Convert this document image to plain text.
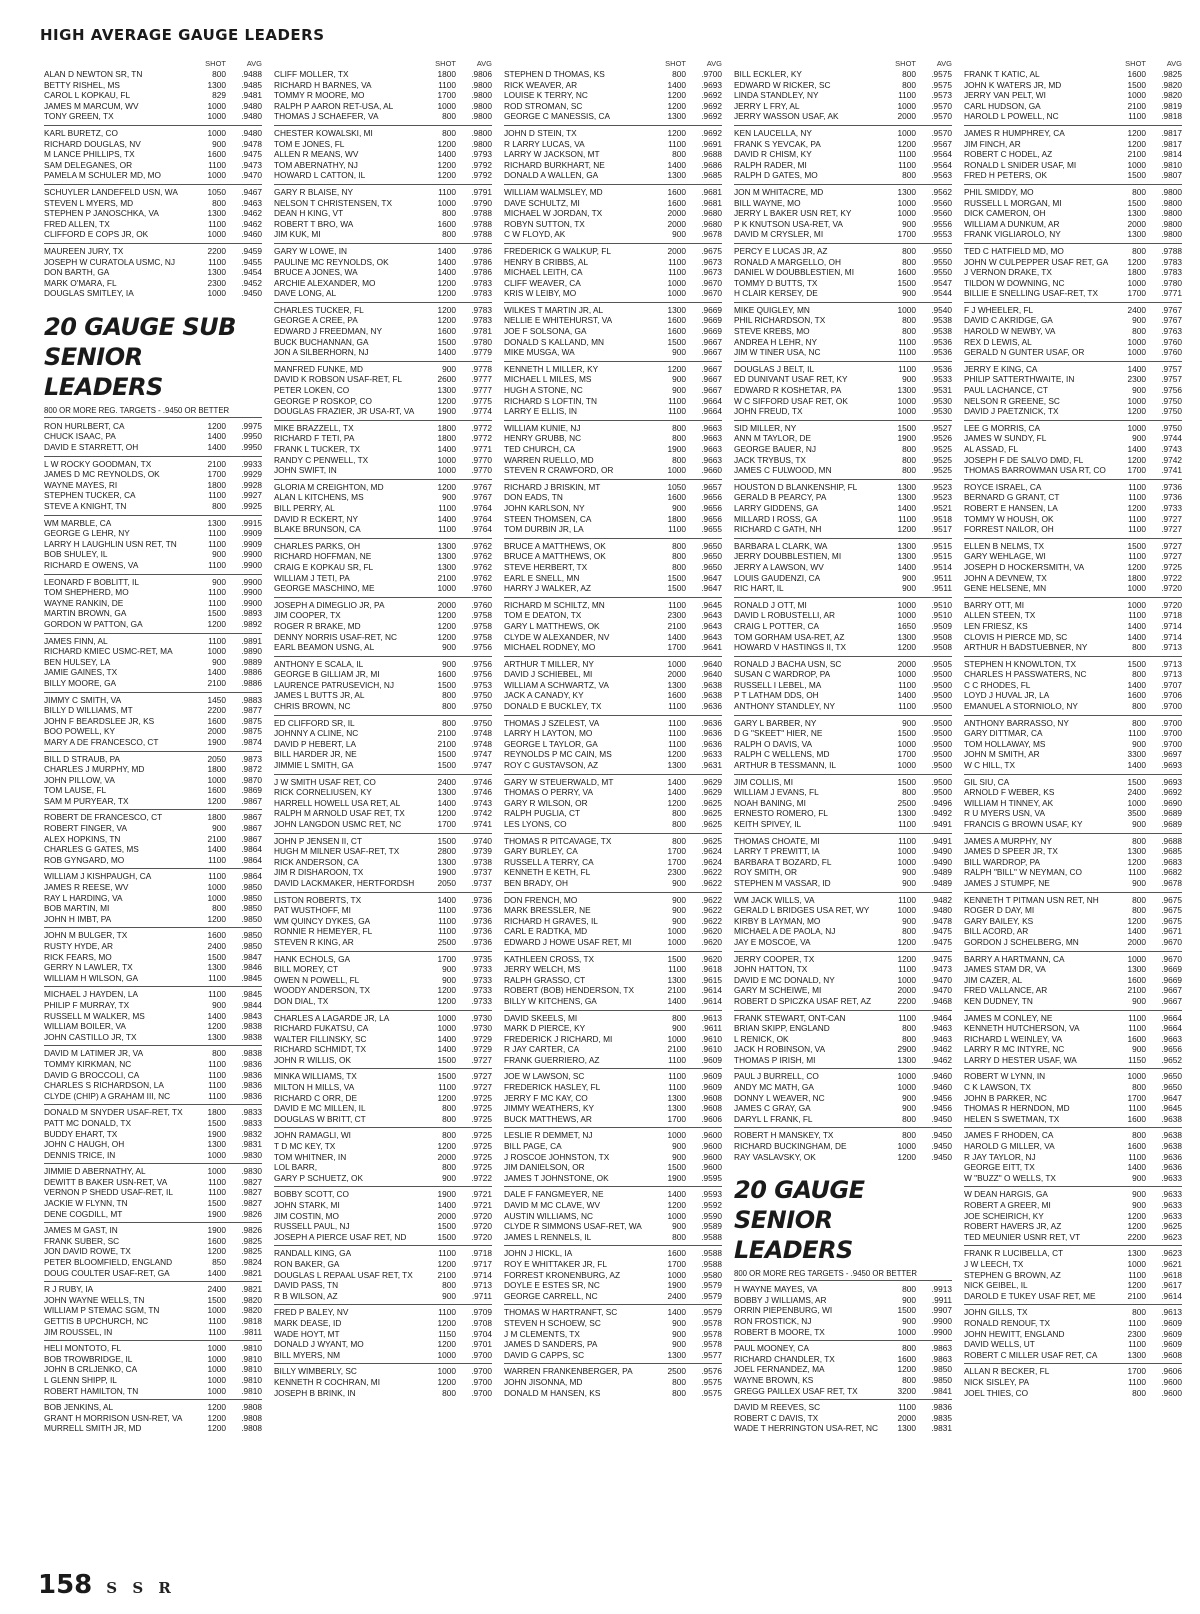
HIGH AVERAGE GAUGE LEADERS
SHOT	AVG
ALAN D NEWTON SR, TN	800	.9488
BETTY RISHEL, MS	1300	.9485
CAROL L KOPKAU, FL	829	.9481
JAMES M MARCUM, WV	1000	.9480
TONY GREEN, TX	1000	.9480
KARL BURETZ, CO	1000	.9480
RICHARD DOUGLAS, NV	900	.9478
M LANCE PHILLIPS, TX	1600	.9475
SAM DELEGANES, OR	1100	.9473
PAMELA M SCHULER MD, MO	1000	.9470
SCHUYLER LANDEFELD USN, WA	1050	.9467
STEVEN L MYERS, MD	800	.9463
STEPHEN P JANOSCHKA, VA	1300	.9462
FRED ALLEN, TX	1100	.9462
CLIFFORD E COPS JR, OK	1000	.9460
MAUREEN JURY, TX	2200	.9459
JOSEPH W CURATOLA USMC, NJ	1100	.9455
DON BARTH, GA	1300	.9454
MARK O'MARA, FL	2300	.9452
DOUGLAS SMITLEY, IA	1000	.9450
20 GAUGE SUB
SENIOR LEADERS
800 OR MORE REG. TARGETS - .9450 OR BETTER
RON HURLBERT, CA	1200	.9975
CHUCK ISAAC, PA	1400	.9950
DAVID E STARRETT, OH	1400	.9950
L W ROCKY GOODMAN, TX	2100	.9933
JAMES D MC REYNOLDS, OK	1700	.9929
WAYNE MAYES, RI	1800	.9928
STEPHEN TUCKER, CA	1100	.9927
STEVE A KNIGHT, TN	800	.9925
WM MARBLE, CA	1300	.9915
GEORGE G LEHR, NY	1100	.9909
LARRY H LAUGHLIN USN RET, TN	1100	.9909
BOB SHULEY, IL	900	.9900
RICHARD E OWENS, VA	1100	.9900
LEONARD F BOBLITT, IL	900	.9900
TOM SHEPHERD, MO	1100	.9900
WAYNE RANKIN, DE	1100	.9900
MARTIN BROWN, GA	1500	.9893
GORDON W PATTON, GA	1200	.9892
JAMES FINN, AL	1100	.9891
RICHARD KMIEC USMC-RET, MA	1000	.9890
BEN HULSEY, LA	900	.9889
JAMIE GAINES, TX	1400	.9886
BILLY MOORE, GA	2100	.9886
JIMMY C SMITH, VA	1450	.9883
BILLY D WILLIAMS, MT	2200	.9877
JOHN F BEARDSLEE JR, KS	1600	.9875
BOO POWELL, KY	2000	.9875
MARY A DE FRANCESCO, CT	1900	.9874
BILL D STRAUB, PA	2050	.9873
CHARLES J MURPHY, MD	1800	.9872
JOHN PILLOW, VA	1000	.9870
TOM LAUSE, FL	1600	.9869
SAM M PURYEAR, TX	1200	.9867
ROBERT DE FRANCESCO, CT	1800	.9867
ROBERT FINGER, VA	900	.9867
ALEX HOPKINS, TN	2100	.9867
CHARLES G GATES, MS	1400	.9864
ROB GYNGARD, MO	1100	.9864
WILLIAM J KISHPAUGH, CA	1100	.9864
JAMES R REESE, WV	1000	.9850
RAY L HARDING, VA	1000	.9850
BOB MARTIN, MI	800	.9850
JOHN H IMBT, PA	1200	.9850
JOHN M BULGER, TX	1600	.9850
RUSTY HYDE, AR	2400	.9850
RICK FEARS, MO	1500	.9847
GERRY N LAWLER, TX	1300	.9846
WILLIAM H WILSON, GA	1100	.9845
MICHAEL J HAYDEN, LA	1100	.9845
PHILIP F MURRAY, TX	900	.9844
RUSSELL M WALKER, MS	1400	.9843
WILLIAM BOILER, VA	1200	.9838
JOHN CASTILLO JR, TX	1300	.9838
DAVID M LATIMER JR, VA	800	.9838
TOMMY KIRKMAN, NC	1100	.9836
DAVID G BROCCOLI, CA	1100	.9836
CHARLES S RICHARDSON, LA	1100	.9836
CLYDE (CHIP) A GRAHAM III, NC	1100	.9836
DONALD M SNYDER USAF-RET, TX	1800	.9833
PATT MC DONALD, TX	1500	.9833
BUDDY EHART, TX	1900	.9832
JOHN C HAUGH, OH	1300	.9831
DENNIS TRICE, IN	1000	.9830
JIMMIE D ABERNATHY, AL	1000	.9830
DEWITT B BAKER USN-RET, VA	1100	.9827
VERNON P SHEDD USAF-RET, IL	1100	.9827
JACKIE W FLYNN, TN	1500	.9827
DENE COGDILL, MT	1900	.9826
JAMES M GAST, IN	1900	.9826
FRANK SUBER, SC	1600	.9825
JON DAVID ROWE, TX	1200	.9825
PETER BLOOMFIELD, ENGLAND	850	.9824
DOUG COULTER USAF-RET, GA	1400	.9821
R J RUBY, IA	2400	.9821
JOHN WAYNE WELLS, TN	1500	.9820
WILLIAM P STEMAC SGM, TN	1000	.9820
GETTIS B UPCHURCH, NC	1100	.9818
JIM ROUSSEL, IN	1100	.9811
HELI MONTOTO, FL	1000	.9810
BOB TROWBRIDGE, IL	1000	.9810
JOHN B CRLJENKO, CA	1000	.9810
L GLENN SHIPP, IL	1000	.9810
ROBERT HAMILTON, TN	1000	.9810
BOB JENKINS, AL	1200	.9808
GRANT H MORRISON USN-RET, VA	1200	.9808
MURRELL SMITH JR, MD	1200	.9808
SHOT	AVG
CLIFF MOLLER, TX	1800	.9806
RICHARD H BARNES, VA	1100	.9800
TOMMY R MOORE, MO	1700	.9800
RALPH P AARON RET-USA, AL	1000	.9800
THOMAS J SCHAEFER, VA	800	.9800
CHESTER KOWALSKI, MI	800	.9800
TOM E JONES, FL	1200	.9800
ALLEN R MEANS, WV	1400	.9793
TOM ABERNATHY, NJ	1200	.9792
HOWARD L CATTON, IL	1200	.9792
GARY R BLAISE, NY	1100	.9791
NELSON T CHRISTENSEN, TX	1000	.9790
DEAN H KING, VT	800	.9788
ROBERT T BRO, WA	1600	.9788
JIM KUK, MI	800	.9788
GARY W LOWE, IN	1400	.9786
PAULINE MC REYNOLDS, OK	1400	.9786
BRUCE A JONES, WA	1400	.9786
ARCHIE ALEXANDER, MO	1200	.9783
DAVE LONG, AL	1200	.9783
CHARLES TUCKER, FL	1200	.9783
GEORGE A CREE, PA	1200	.9783
EDWARD J FREEDMAN, NY	1600	.9781
BUCK BUCHANNAN, GA	1500	.9780
JON A SILBERHORN, NJ	1400	.9779
MANFRED FUNKE, MD	900	.9778
DAVID K ROBSON USAF-RET, FL	2600	.9777
PETER LOKEN, CO	1300	.9777
GEORGE P ROSKOP, CO	1200	.9775
DOUGLAS FRAZIER, JR USA-RT, VA	1900	.9774
MIKE BRAZZELL, TX	1800	.9772
RICHARD F TETI, PA	1800	.9772
FRANK L TUCKER, TX	1400	.9771
RANDY C PENWELL, TX	1000	.9770
JOHN SWIFT, IN	1000	.9770
GLORIA M CREIGHTON, MD	1200	.9767
ALAN L KITCHENS, MS	900	.9767
BILL PERRY, AL	1100	.9764
DAVID R ECKERT, NY	1400	.9764
BLAKE BRUNSON, CA	1100	.9764
CHARLES PARKS, OH	1300	.9762
RICHARD HOFFMAN, NE	1300	.9762
CRAIG E KOPKAU SR, FL	1300	.9762
WILLIAM J TETI, PA	2100	.9762
GEORGE MASCHINO, ME	1000	.9760
JOSEPH A DIMEGLIO JR, PA	2000	.9760
JIM COOPER, TX	1200	.9758
ROGER R BRAKE, MD	1200	.9758
DENNY NORRIS USAF-RET, NC	1200	.9758
EARL BEAMON USNG, AL	900	.9756
ANTHONY E SCALA, IL	900	.9756
GEORGE B GILLIAM JR, MI	1600	.9756
LAURENCE PATRUSEVICH, NJ	1500	.9753
JAMES L BUTTS JR, AL	800	.9750
CHRIS BROWN, NC	800	.9750
ED CLIFFORD SR, IL	800	.9750
JOHNNY A CLINE, NC	2100	.9748
DAVID P HEBERT, LA	2100	.9748
BILL HARDER JR, NE	1500	.9747
JIMMIE L SMITH, GA	1500	.9747
J W SMITH USAF RET, CO	2400	.9746
RICK CORNELIUSEN, KY	1300	.9746
HARRELL HOWELL USA RET, AL	1400	.9743
RALPH M ARNOLD USAF RET, TX	1200	.9742
JOHN LANGDON USMC RET, NC	1700	.9741
JOHN P JENSEN II, CT	1500	.9740
HUGH M MILNER USAF-RET, TX	2800	.9739
RICK ANDERSON, CA	1300	.9738
JIM R DISHAROON, TX	1900	.9737
DAVID LACKMAKER, HERTFORDSH	2050	.9737
LISTON ROBERTS, TX	1400	.9736
PAT WUSTHOFF, MI	1100	.9736
WM QUINCY DYKES, GA	1100	.9736
RONNIE R HEMEYER, FL	1100	.9736
STEVEN R KING, AR	2500	.9736
HANK ECHOLS, GA	1700	.9735
BILL MOREY, CT	900	.9733
OWEN N POWELL, FL	900	.9733
WOODY ANDERSON, TX	1200	.9733
DON DIAL, TX	1200	.9733
CHARLES A LAGARDE JR, LA	1000	.9730
RICHARD FUKATSU, CA	1000	.9730
WALTER FILLINSKY, SC	1400	.9729
RICHARD SCHMIDT, TX	1400	.9729
JOHN R WILLIS, OK	1500	.9727
MINKA WILLIAMS, TX	1500	.9727
MILTON H MILLS, VA	1100	.9727
RICHARD C ORR, DE	1200	.9725
DAVID E MC MILLEN, IL	800	.9725
DOUGLAS W BRITT, CT	800	.9725
JOHN RAMAGLI, WI	800	.9725
T D MC KEY, TX	1200	.9725
TOM WHITNER, IN	2000	.9725
LOL BARR,	800	.9725
GARY P SCHUETZ, OK	900	.9722
BOBBY SCOTT, CO	1900	.9721
JOHN STARK, MI	1400	.9721
JIM COSTIN, MO	2000	.9720
RUSSELL PAUL, NJ	1500	.9720
JOSEPH A PIERCE USAF RET, ND	1500	.9720
RANDALL KING, GA	1100	.9718
RON BAKER, GA	1200	.9717
DOUGLAS L REPAAL USAF RET, TX	2100	.9714
DAVID PASS, TN	800	.9713
R B WILSON, AZ	900	.9711
FRED P BALEY, NV	1100	.9709
MARK DEASE, ID	1200	.9708
WADE HOYT, MT	1150	.9704
DONALD J WYANT, MO	1200	.9701
BILL MYERS, NM	1000	.9700
BILLY WIMBERLY, SC	1000	.9700
KENNETH R COCHRAN, MI	1200	.9700
JOSEPH B BRINK, IN	800	.9700
SHOT	AVG
STEPHEN D THOMAS, KS	800	.9700
RICK WEAVER, AR	1400	.9693
LOUISE K TERRY, NC	1200	.9692
ROD STROMAN, SC	1200	.9692
GEORGE C MANESSIS, CA	1300	.9692
JOHN D STEIN, TX	1200	.9692
R LARRY LUCAS, VA	1100	.9691
LARRY W JACKSON, MT	800	.9688
RICHARD BURKHART, NE	1400	.9686
DONALD A WALLEN, GA	1300	.9685
WILLIAM WALMSLEY, MD	1600	.9681
DAVE SCHULTZ, MI	1600	.9681
MICHAEL W JORDAN, TX	2000	.9680
ROBYN SUTTON, TX	2000	.9680
C W FLOYD, AK	900	.9678
FREDERICK G WALKUP, FL	2000	.9675
HENRY B CRIBBS, AL	1100	.9673
MICHAEL LEITH, CA	1100	.9673
CLIFF WEAVER, CA	1000	.9670
KRIS W LEIBY, MO	1000	.9670
WILKES T MARTIN JR, AL	1300	.9669
NELLIE E WHITEHURST, VA	1600	.9669
JOE F SOLSONA, GA	1600	.9669
DONALD S KALLAND, MN	1500	.9667
MIKE MUSGA, WA	900	.9667
KENNETH L MILLER, KY	1200	.9667
MICHAEL L MILES, MS	900	.9667
HUGH A STONE, NC	900	.9667
RICHARD S LOFTIN, TN	1100	.9664
LARRY E ELLIS, IN	1100	.9664
WILLIAM KUNIE, NJ	800	.9663
HENRY GRUBB, NC	800	.9663
TED CHURCH, CA	1900	.9663
WARREN RUELLO, MD	800	.9663
STEVEN R CRAWFORD, OR	1000	.9660
RICHARD J BRISKIN, MT	1050	.9657
DON EADS, TN	1600	.9656
JOHN KARLSON, NY	900	.9656
STEEN THOMSEN, CA	1800	.9656
TOM DURBIN JR, LA	1100	.9655
BRUCE A MATTHEWS, OK	800	.9650
BRUCE A MATTHEWS, OK	800	.9650
STEVE HERBERT, TX	800	.9650
EARL E SNELL, MN	1500	.9647
HARRY J WALKER, AZ	1500	.9647
RICHARD M SCHILTZ, MN	1100	.9645
TOM E DEATON, TX	2300	.9643
GARY L MATTHEWS, OK	2100	.9643
CLYDE W ALEXANDER, NV	1400	.9643
MICHAEL RODNEY, MO	1700	.9641
ARTHUR T MILLER, NY	1000	.9640
DAVID J SCHIEBEL, MI	2000	.9640
WILLIAM A SCHWARTZ, VA	1300	.9638
JACK A CANADY, KY	1600	.9638
DONALD E BUCKLEY, TX	1100	.9636
THOMAS J SZELEST, VA	1100	.9636
LARRY H LAYTON, MO	1100	.9636
GEORGE L TAYLOR, GA	1100	.9636
REYNOLDS P MC CAIN, MS	1200	.9633
ROY C GUSTAVSON, AZ	1300	.9631
GARY W STEUERWALD, MT	1400	.9629
THOMAS O PERRY, VA	1400	.9629
GARY R WILSON, OR	1200	.9625
RALPH PUGLIA, CT	800	.9625
LES LYONS, CO	800	.9625
THOMAS R PITCAVAGE, TX	800	.9625
GARY BURLEY, CA	1700	.9624
RUSSELL A TERRY, CA	1700	.9624
KENNETH E KETH, FL	2300	.9622
BEN BRADY, OH	900	.9622
DON FRENCH, MO	900	.9622
MARK BRESSLER, NE	900	.9622
RICHARD H GRAVES, IL	900	.9622
CARL E RADTKA, MD	1000	.9620
EDWARD J HOWE USAF RET, MI	1000	.9620
KATHLEEN CROSS, TX	1500	.9620
JERRY WELCH, MS	1100	.9618
RALPH GRASSO, CT	1300	.9615
ROBERT (BOB) HENDERSON, TX	2100	.9614
BILLY W KITCHENS, GA	1400	.9614
DAVID SKEELS, MI	800	.9613
MARK D PIERCE, KY	900	.9611
FREDERICK J RICHARD, MI	1000	.9610
R JAY CARTER, CA	2100	.9610
FRANK GUERRIERO, AZ	1100	.9609
JOE W LAWSON, SC	1100	.9609
FREDERICK HASLEY, FL	1100	.9609
JERRY F MC KAY, CO	1300	.9608
JIMMY WEATHERS, KY	1300	.9608
BUCK MATTHEWS, AR	1700	.9606
LESLIE R DEMMET, NJ	1000	.9600
BILL PAGE, CA	900	.9600
J ROSCOE JOHNSTON, TX	900	.9600
JIM DANIELSON, OR	1500	.9600
JAMES T JOHNSTONE, OK	1900	.9595
DALE F FANGMEYER, NE	1400	.9593
DAVID M MC CLAVE, WV	1200	.9592
AUSTIN WILLIAMS, NC	1000	.9590
CLYDE R SIMMONS USAF-RET, WA	900	.9589
JAMES L RENNELS, IL	800	.9588
JOHN J HICKL, IA	1600	.9588
ROY E WHITTAKER JR, FL	1700	.9588
FORREST KRONENBURG, AZ	1000	.9580
DOYLE E ESTES SR, NC	1900	.9579
GEORGE CARRELL, NC	2400	.9579
THOMAS W HARTRANFT, SC	1400	.9579
STEVEN H SCHOEW, SC	900	.9578
J M CLEMENTS, TX	900	.9578
JAMES D SANDERS, PA	900	.9578
DAVID G CAPPS, SC	1300	.9577
WARREN FRANKENBERGER, PA	2500	.9576
JOHN JISONNA, MD	800	.9575
DONALD M HANSEN, KS	800	.9575
SHOT	AVG
BILL ECKLER, KY	800	.9575
EDWARD W RICKER, SC	800	.9575
LINDA STANDLEY, NY	1100	.9573
JERRY L FRY, AL	1000	.9570
JERRY WASSON USAF, AK	2000	.9570
KEN LAUCELLA, NY	1000	.9570
FRANK S YEVCAK, PA	1200	.9567
DAVID R CHISM, KY	1100	.9564
RALPH RADER, MI	1100	.9564
RALPH D GATES, MO	800	.9563
JON M WHITACRE, MD	1300	.9562
BILL WAYNE, MO	1000	.9560
JERRY L BAKER USN RET, KY	1000	.9560
P K KNUTSON USA-RET, VA	900	.9556
DAVID M CRYSLER, MI	1700	.9553
PERCY E LUCAS JR, AZ	800	.9550
RONALD A MARGELLO, OH	800	.9550
DANIEL W DOUBBLESTIEN, MI	1600	.9550
TOMMY D BUTTS, TX	1500	.9547
H CLAIR KERSEY, DE	900	.9544
MIKE QUIGLEY, MN	1000	.9540
PHIL RICHARDSON, TX	800	.9538
STEVE KREBS, MO	800	.9538
ANDREA H LEHR, NY	1100	.9536
JIM W TINER USA, NC	1100	.9536
DOUGLAS J BELT, IL	1100	.9536
ED DUNIVANT USAF RET, KY	900	.9533
EDWARD R KOSHETAR, PA	1300	.9531
W C SIFFORD USAF RET, OK	1000	.9530
JOHN FREUD, TX	1000	.9530
SID MILLER, NY	1500	.9527
ANN M TAYLOR, DE	1900	.9526
GEORGE BAUER, NJ	800	.9525
JACK TRYBUS, TX	800	.9525
JAMES C FULWOOD, MN	800	.9525
HOUSTON D BLANKENSHIP, FL	1300	.9523
GERALD B PEARCY, PA	1300	.9523
LARRY GIDDENS, GA	1400	.9521
MILLARD I ROSS, GA	1100	.9518
RICHARD C GATH, NH	1200	.9517
BARBARA L CLARK, WA	1300	.9515
JERRY DOUBBLESTIEN, MI	1300	.9515
JERRY A LAWSON, WV	1400	.9514
LOUIS GAUDENZI, CA	900	.9511
RIC HART, IL	900	.9511
RONALD J OTT, MI	1000	.9510
DAVID L ROBUSTELLI, AR	1000	.9510
CRAIG L POTTER, CA	1650	.9509
TOM GORHAM USA-RET, AZ	1300	.9508
HOWARD V HASTINGS II, TX	1200	.9508
RONALD J BACHA USN, SC	2000	.9505
SUSAN C WARDROP, PA	1000	.9500
RUSSELL I LEBEL, MA	1100	.9500
P T LATHAM DDS, OH	1400	.9500
ANTHONY STANDLEY, NY	1100	.9500
GARY L BARBER, NY	900	.9500
D G "SKEET" HIER, NE	1500	.9500
RALPH O DAVIS, VA	1000	.9500
RALPH C WELLENS, MD	1700	.9500
ARTHUR B TESSMANN, IL	1000	.9500
JIM COLLIS, MI	1500	.9500
WILLIAM J EVANS, FL	800	.9500
NOAH BANING, MI	2500	.9496
ERNESTO ROMERO, FL	1300	.9492
KEITH SPIVEY, IL	1100	.9491
THOMAS CHOATE, MI	1100	.9491
LARRY T PREWITT, IA	1000	.9490
BARBARA T BOZARD, FL	1000	.9490
ROY SMITH, OR	900	.9489
STEPHEN M VASSAR, ID	900	.9489
WM JACK WILLS, VA	1100	.9482
GERALD L BRIDGES USA RET, WY	1000	.9480
KIRBY B LAYMAN, MO	900	.9478
MICHAEL A DE PAOLA, NJ	800	.9475
JAY E MOSCOE, VA	1200	.9475
JERRY COOPER, TX	1200	.9475
JOHN HATTON, TX	1100	.9473
DAVID E MC DONALD, NY	1000	.9470
GARY M SCHEIWE, MI	2000	.9470
ROBERT D SPICZKA USAF RET, AZ	2200	.9468
FRANK STEWART, ONT-CAN	1100	.9464
BRIAN SKIPP, ENGLAND	800	.9463
L RENICK, OK	800	.9463
JACK H ROBINSON, VA	2900	.9462
THOMAS P IRISH, MI	1300	.9462
PAUL J BURRELL, CO	1000	.9460
ANDY MC MATH, GA	1000	.9460
DONNY L WEAVER, NC	900	.9456
JAMES C GRAY, GA	900	.9456
DARYL L FRANK, FL	800	.9450
ROBERT H MANSKEY, TX	800	.9450
RICHARD BUCKINGHAM, DE	1000	.9450
RAY VASLAVSKY, OK	1200	.9450
20 GAUGE SENIOR
LEADERS
800 OR MORE REG TARGETS - .9450 OR BETTER
H WAYNE MAYES, VA	800	.9913
BOBBY J WILLIAMS, AR	900	.9911
ORRIN PIEPENBURG, WI	1500	.9907
RON FROSTICK, NJ	900	.9900
ROBERT B MOORE, TX	1000	.9900
PAUL MOONEY, CA	800	.9863
RICHARD CHANDLER, TX	1600	.9863
JOEL FERNANDEZ, MA	1200	.9850
WAYNE BROWN, KS	800	.9850
GREGG PAILLEX USAF RET, TX	3200	.9841
DAVID M REEVES, SC	1100	.9836
ROBERT C DAVIS, TX	2000	.9835
WADE T HERRINGTON USA-RET, NC	1300	.9831
SHOT	AVG
FRANK T KATIC, AL	1600	.9825
JOHN K WATERS JR, MD	1500	.9820
JERRY VAN PELT, WI	1000	.9820
CARL HUDSON, GA	2100	.9819
HAROLD L POWELL, NC	1100	.9818
JAMES R HUMPHREY, CA	1200	.9817
JIM FINCH, AR	1200	.9817
ROBERT C HODEL, AZ	2100	.9814
RONALD L SNIDER USAF, MI	1000	.9810
FRED H PETERS, OK	1500	.9807
PHIL SMIDDY, MO	800	.9800
RUSSELL L MORGAN, MI	1500	.9800
DICK CAMERON, OH	1300	.9800
WILLIAM A DUNKUM, AR	2000	.9800
FRANK VIGLIAROLO, NY	1300	.9800
TED C HATFIELD MD, MO	800	.9788
JOHN W CULPEPPER USAF RET, GA	1200	.9783
J VERNON DRAKE, TX	1800	.9783
TILDON W DOWNING, NC	1000	.9780
BILLIE E SNELLING USAF-RET, TX	1700	.9771
F J WHEELER, FL	2400	.9767
DAVID C AKRIDGE, GA	900	.9767
HAROLD W NEWBY, VA	800	.9763
REX D LEWIS, AL	1000	.9760
GERALD N GUNTER USAF, OR	1000	.9760
JERRY E KING, CA	1400	.9757
PHILIP SATTERTHWAITE, IN	2300	.9757
PAUL LACHANCE, CT	900	.9756
NELSON R GREENE, SC	1000	.9750
DAVID J PAETZNICK, TX	1200	.9750
LEE G MORRIS, CA	1000	.9750
JAMES W SUNDY, FL	900	.9744
AL ASSAD, FL	1400	.9743
JOSEPH F DE SALVO DMD, FL	1200	.9742
THOMAS BARROWMAN USA RT, CO	1700	.9741
ROYCE ISRAEL, CA	1100	.9736
BERNARD G GRANT, CT	1100	.9736
ROBERT E HANSEN, LA	1200	.9733
TOMMY W HOUSH, OK	1100	.9727
FORREST NAILOR, OH	1100	.9727
ELLEN B NELMS, TX	1500	.9727
GARY WEHLAGE, WI	1100	.9727
JOSEPH D HOCKERSMITH, VA	1200	.9725
JOHN A DEVNEW, TX	1800	.9722
GENE HELSENE, MN	1000	.9720
BARRY OTT, MI	1000	.9720
ALLEN STEEN, TX	1100	.9718
LEN FRIESZ, KS	1400	.9714
CLOVIS H PIERCE MD, SC	1400	.9714
ARTHUR H BADSTUEBNER, NY	800	.9713
STEPHEN H KNOWLTON, TX	1500	.9713
CHARLES H PASSWATERS, NC	800	.9713
C C RHODES, FL	1400	.9707
LOYD J HUVAL JR, LA	1600	.9706
EMANUEL A STORNIOLO, NY	800	.9700
ANTHONY BARRASSO, NY	800	.9700
GARY DITTMAR, CA	1100	.9700
TOM HOLLAWAY, MS	900	.9700
JOHN M SMITH, AR	3300	.9697
W C HILL, TX	1400	.9693
GIL SIU, CA	1500	.9693
ARNOLD F WEBER, KS	2400	.9692
WILLIAM H TINNEY, AK	1000	.9690
R U MYERS USN, VA	3500	.9689
FRANCIS G BROWN USAF, KY	900	.9689
JAMES A MURPHY, NY	800	.9688
JAMES D SPEER JR, TX	1300	.9685
BILL WARDROP, PA	1200	.9683
RALPH "BILL" W NEYMAN, CO	1100	.9682
JAMES J STUMPF, NE	900	.9678
KENNETH T PITMAN USN RET, NH	800	.9675
ROGER D DAY, MI	800	.9675
GARY BAILEY, KS	1200	.9675
BILL ACORD, AR	1400	.9671
GORDON J SCHELBERG, MN	2000	.9670
BARRY A HARTMANN, CA	1000	.9670
JAMES STAM DR, VA	1300	.9669
JIM CAZER, AL	1600	.9669
FRED VALLANCE, AR	2100	.9667
KEN DUDNEY, TN	900	.9667
JAMES M CONLEY, NE	1100	.9664
KENNETH HUTCHERSON, VA	1100	.9664
RICHARD L WEINLEY, VA	1600	.9663
LARRY R MC INTYRE, NC	900	.9656
LARRY D HESTER USAF, WA	1150	.9652
ROBERT W LYNN, IN	1000	.9650
C K LAWSON, TX	800	.9650
JOHN B PARKER, NC	1700	.9647
THOMAS R HERNDON, MD	1100	.9645
HELEN S SWETMAN, TX	1600	.9638
JAMES F RHODEN, CA	800	.9638
HAROLD G MILLER, VA	1600	.9638
R JAY TAYLOR, NJ	1100	.9636
GEORGE EITT, TX	1400	.9636
W "BUZZ" O WELLS, TX	900	.9633
W DEAN HARGIS, GA	900	.9633
ROBERT A GREER, MI	900	.9633
JOE SCHEIRICH, KY	1200	.9633
ROBERT HAVERS JR, AZ	1200	.9625
TED MEUNIER USNR RET, VT	2200	.9623
FRANK R LUCIBELLA, CT	1300	.9623
J W LEECH, TX	1000	.9621
STEPHEN G BROWN, AZ	1100	.9618
NICK GEIBEL, IL	1200	.9617
DAROLD E TUKEY USAF RET, ME	2100	.9614
JOHN GILLS, TX	800	.9613
RONALD RENOUF, TX	1100	.9609
JOHN HEWITT, ENGLAND	2300	.9609
DAVID WELLS, UT	1100	.9609
ROBERT C MILLER USAF RET, CA	1300	.9608
ALLAN R BECKER, FL	1700	.9606
NICK SISLEY, PA	1100	.9600
JOEL THIES, CO	800	.9600
158 S S R
